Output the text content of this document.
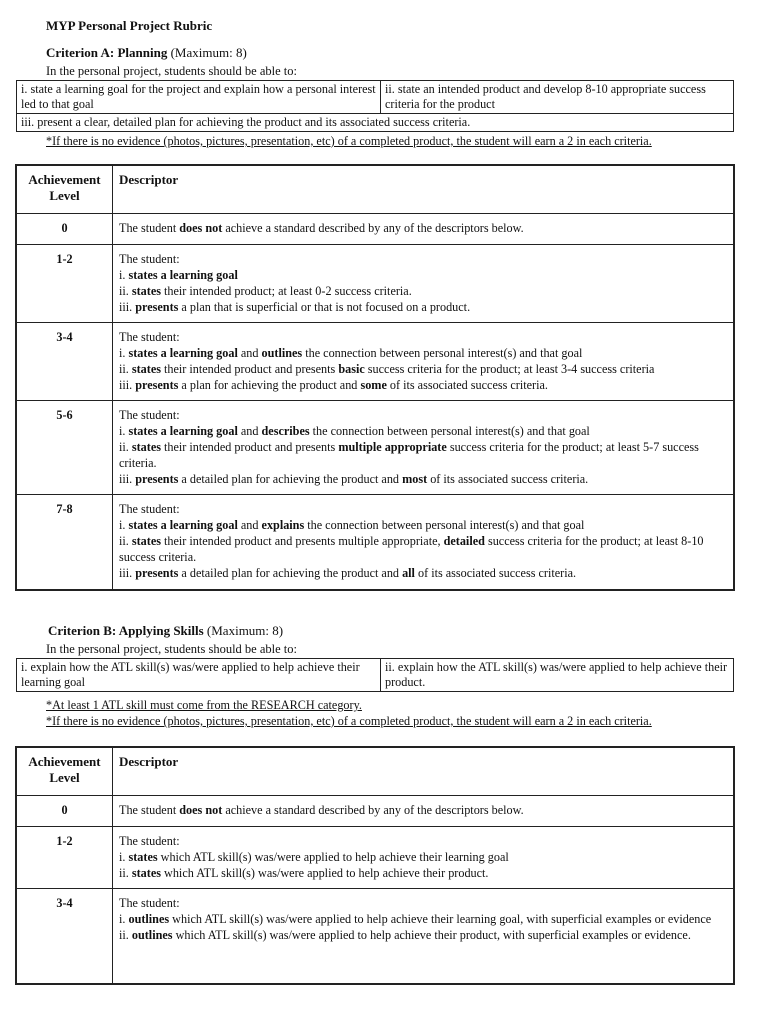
MYP Personal Project Rubric
Criterion A: Planning (Maximum: 8)
In the personal project, students should be able to:
i. state a learning goal for the project and explain how a personal interest led to that goal	ii. state an intended product and develop 8-10 appropriate success criteria for the product
iii. present a clear, detailed plan for achieving the product and its associated success criteria.
*If there is no evidence (photos, pictures, presentation, etc) of a completed product, the student will earn a 2 in each criteria.
Achievement Level	Descriptor
0	The student does not achieve a standard described by any of the descriptors below.

1-2	The student:
i. states a learning goal
ii. states their intended product; at least 0-2 success criteria.
iii. presents a plan that is superficial or that is not focused on a product.

3-4	The student:
i. states a learning goal and outlines the connection between personal interest(s) and that goal
ii. states their intended product and presents basic success criteria for the product; at least 3-4 success criteria
iii. presents a plan for achieving the product and some of its associated success criteria.

5-6	The student:
i. states a learning goal and describes the connection between personal interest(s) and that goal
ii. states their intended product and presents multiple appropriate success criteria for the product; at least 5-7 success criteria.
iii. presents a detailed plan for achieving the product and most of its associated success criteria.

7-8	The student:
i. states a learning goal and explains the connection between personal interest(s) and that goal
ii. states their intended product and presents multiple appropriate, detailed success criteria for the product; at least 8-10 success criteria.
iii. presents a detailed plan for achieving the product and all of its associated success criteria.
Criterion B: Applying Skills (Maximum: 8)
In the personal project, students should be able to:
i. explain how the ATL skill(s) was/were applied to help achieve their learning goal	ii. explain how the ATL skill(s) was/were applied to help achieve their product.
*At least 1 ATL skill must come from the RESEARCH category.
*If there is no evidence (photos, pictures, presentation, etc) of a completed product, the student will earn a 2 in each criteria.
Achievement Level	Descriptor
0	The student does not achieve a standard described by any of the descriptors below.

1-2	The student:
i. states which ATL skill(s) was/were applied to help achieve their learning goal
ii. states which ATL skill(s) was/were applied to help achieve their product.

3-4	The student:
i. outlines which ATL skill(s) was/were applied to help achieve their learning goal, with superficial examples or evidence
ii. outlines which ATL skill(s) was/were applied to help achieve their product, with superficial examples or evidence.
